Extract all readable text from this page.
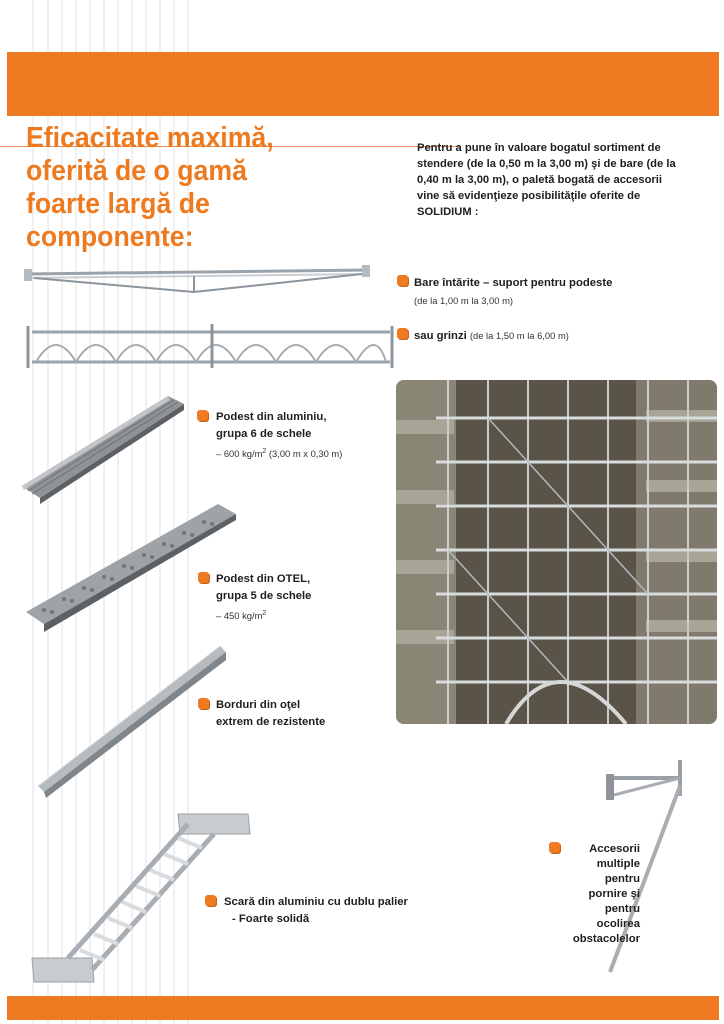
Eficacitate maximă,
oferită de o gamă
foarte largă de
componente:

Pentru a pune în valoare bogatul sortiment de stendere (de la 0,50 m la 3,00 m) şi de bare (de la 0,40 m la 3,00 m), o paletă bogată de accesorii vine să evidenţieze posibilităţile oferite de SOLIDIUM :

Bare întărite – suport pentru podeste

(de la 1,00 m la 3,00 m)

sau grinzi (de la 1,50 m la 6,00 m)

Podest din aluminiu,

grupa 6 de schele

– 600 $kg/m^2$ (3,00 m x 0,30 m)

Podest din OTEL,

grupa 5 de schele

– 450 $kg/m^2$

Borduri din oţel

extrem de rezistente

Scară din aluminiu cu dublu palier

- Foarte solidă

Accesorii

multiple

pentru

pornire şi

pentru

ocolirea

obstacolelor
